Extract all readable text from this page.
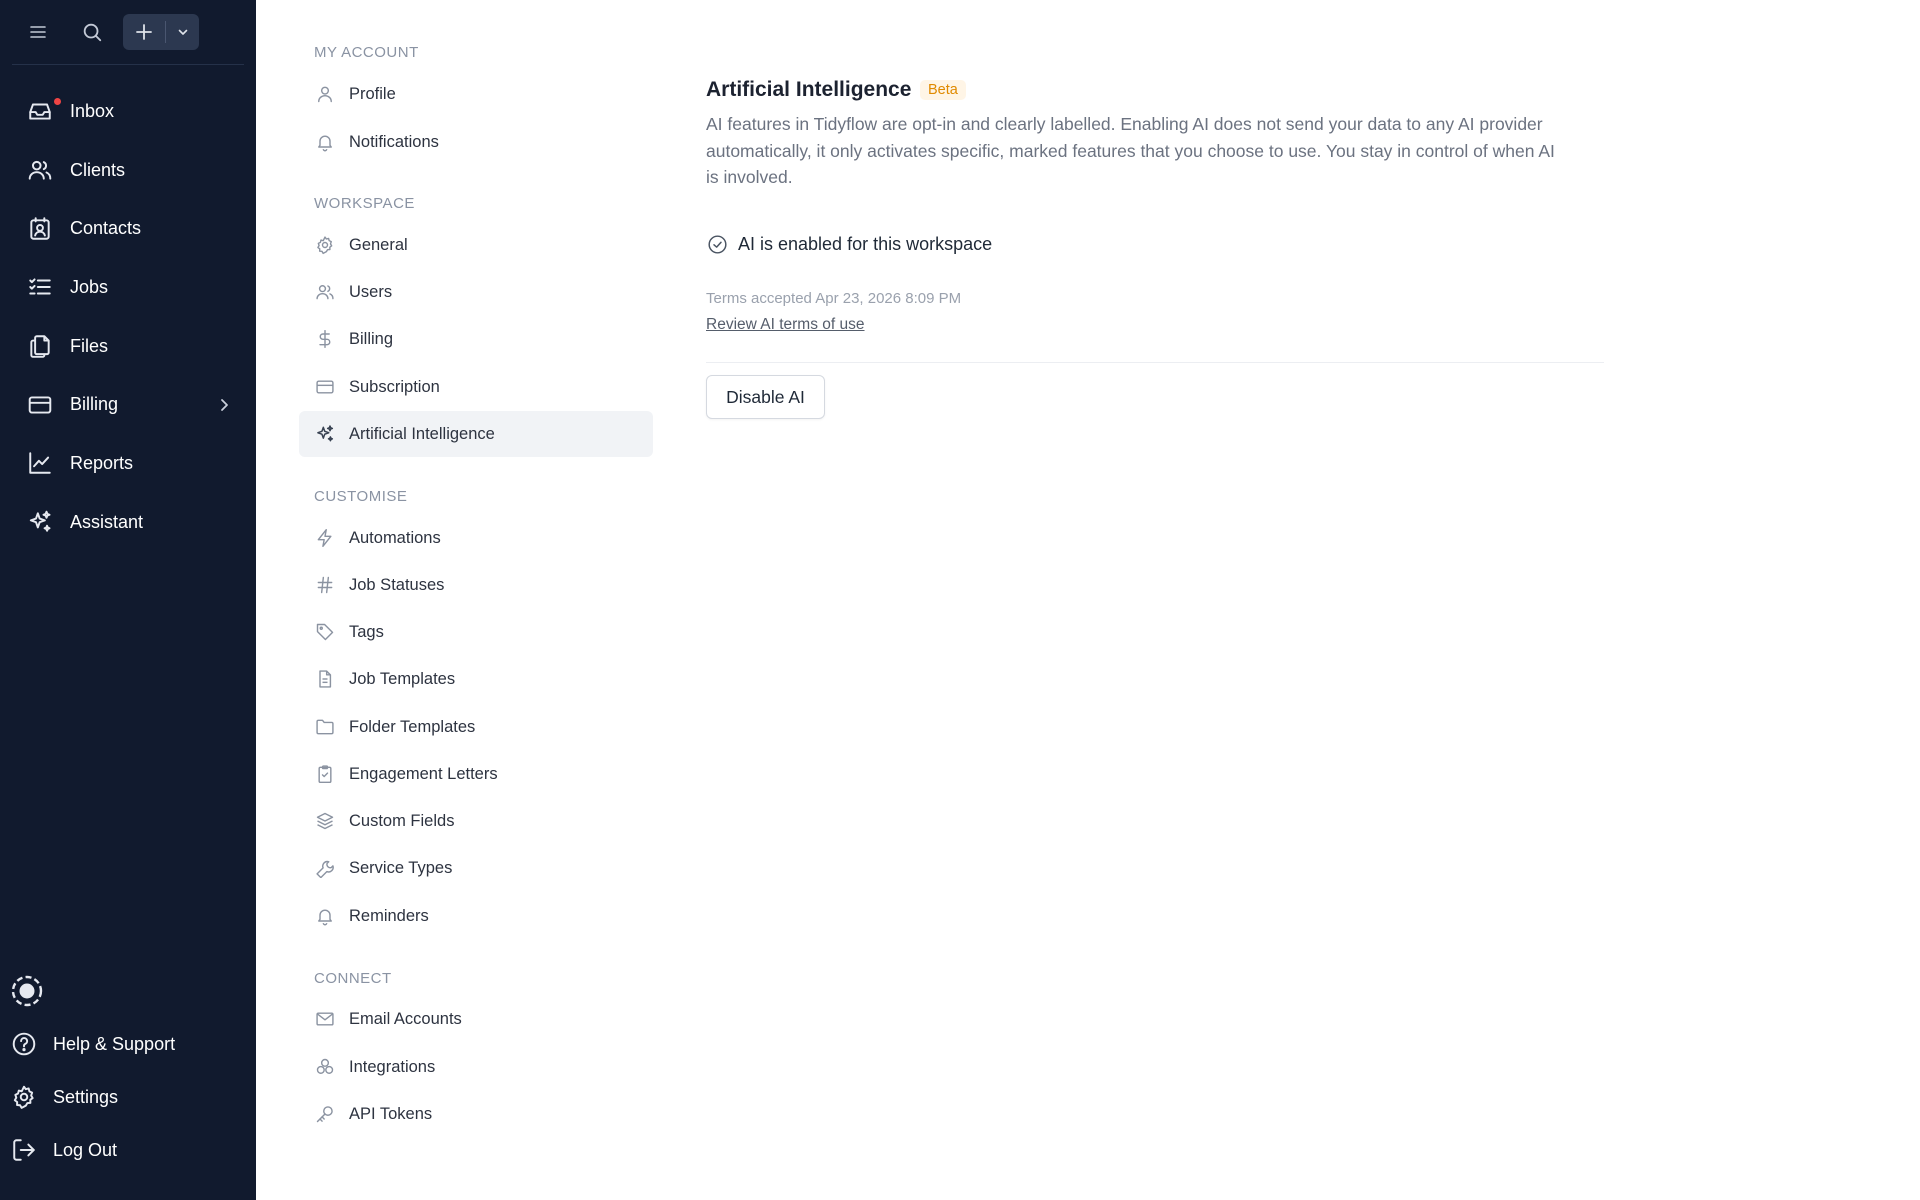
Inbox
Clients
Contacts
Jobs
Files
Billing
Reports
Assistant
Help & Support
Settings
Log Out
MY ACCOUNT
Profile
Notifications
WORKSPACE
General
Users
Billing
Subscription
Artificial Intelligence
CUSTOMISE
Automations
Job Statuses
Tags
Job Templates
Folder Templates
Engagement Letters
Custom Fields
Service Types
Reminders
CONNECT
Email Accounts
Integrations
API Tokens
Artificial Intelligence	Beta
AI features in Tidyflow are opt-in and clearly labelled. Enabling AI does not send your data to any AI provider automatically, it only activates specific, marked features that you choose to use. You stay in control of when AI is involved.
AI is enabled for this workspace
Terms accepted Apr 23, 2026 8:09 PM
Review AI terms of use
Disable AI
